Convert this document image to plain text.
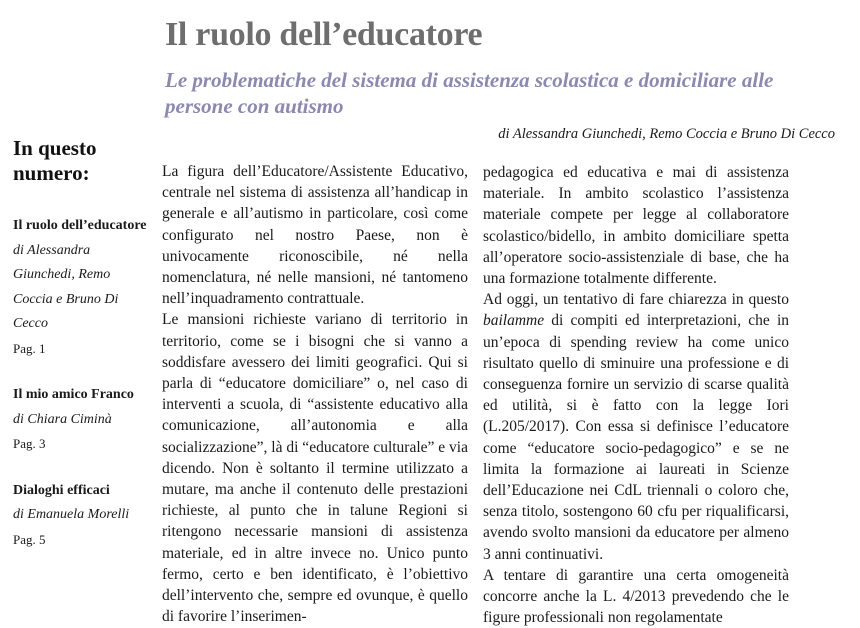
Il ruolo dell’educatore
Le problematiche del sistema di assistenza scolastica e domiciliare alle persone con autismo
di Alessandra Giunchedi, Remo Coccia e Bruno Di Cecco
In questo numero:
Il ruolo dell’educatore
di Alessandra Giunchedi, Remo Coccia e Bruno Di Cecco
Pag. 1
Il mio amico Franco
di Chiara Ciminà
Pag. 3
Dialoghi efficaci
di Emanuela Morelli
Pag. 5

La figura dell’Educatore/Assistente Educativo, centrale nel sistema di assistenza all’handicap in generale e all’autismo in particolare, così come configurato nel nostro Paese, non è univocamente riconoscibile, né nella nomenclatura, né nelle mansioni, né tantomeno nell’inquadramento contrattuale.

Le mansioni richieste variano di territorio in territorio, come se i bisogni che si vanno a soddisfare avessero dei limiti geografici. Qui si parla di “educatore domiciliare” o, nel caso di interventi a scuola, di “assistente educativo alla comunicazione, all’autonomia e alla socializzazione”, là di “educatore culturale” e via dicendo. Non è soltanto il termine utilizzato a mutare, ma anche il contenuto delle prestazioni richieste, al punto che in talune Regioni si ritengono necessarie mansioni di assistenza materiale, ed in altre invece no. Unico punto fermo, certo e ben identificato, è l’obiettivo dell’intervento che, sempre ed ovunque, è quello di favorire l’inserimen-

pedagogica ed educativa e mai di assistenza materiale. In ambito scolastico l’assistenza materiale compete per legge al collaboratore scolastico/bidello, in ambito domiciliare spetta all’operatore socio-assistenziale di base, che ha una formazione totalmente differente.

Ad oggi, un tentativo di fare chiarezza in questo bailamme di compiti ed interpretazioni, che in un’epoca di spending review ha come unico risultato quello di sminuire una professione e di conseguenza fornire un servizio di scarse qualità ed utilità, si è fatto con la legge Iori (L.205/2017). Con essa si definisce l’educatore come “educatore socio-pedagogico” e se ne limita la formazione ai laureati in Scienze dell’Educazione nei CdL triennali o coloro che, senza titolo, sostengono 60 cfu per riqualificarsi, avendo svolto mansioni da educatore per almeno 3 anni continuativi.

A tentare di garantire una certa omogeneità concorre anche la L. 4/2013 prevedendo che le figure professionali non regolamentate
